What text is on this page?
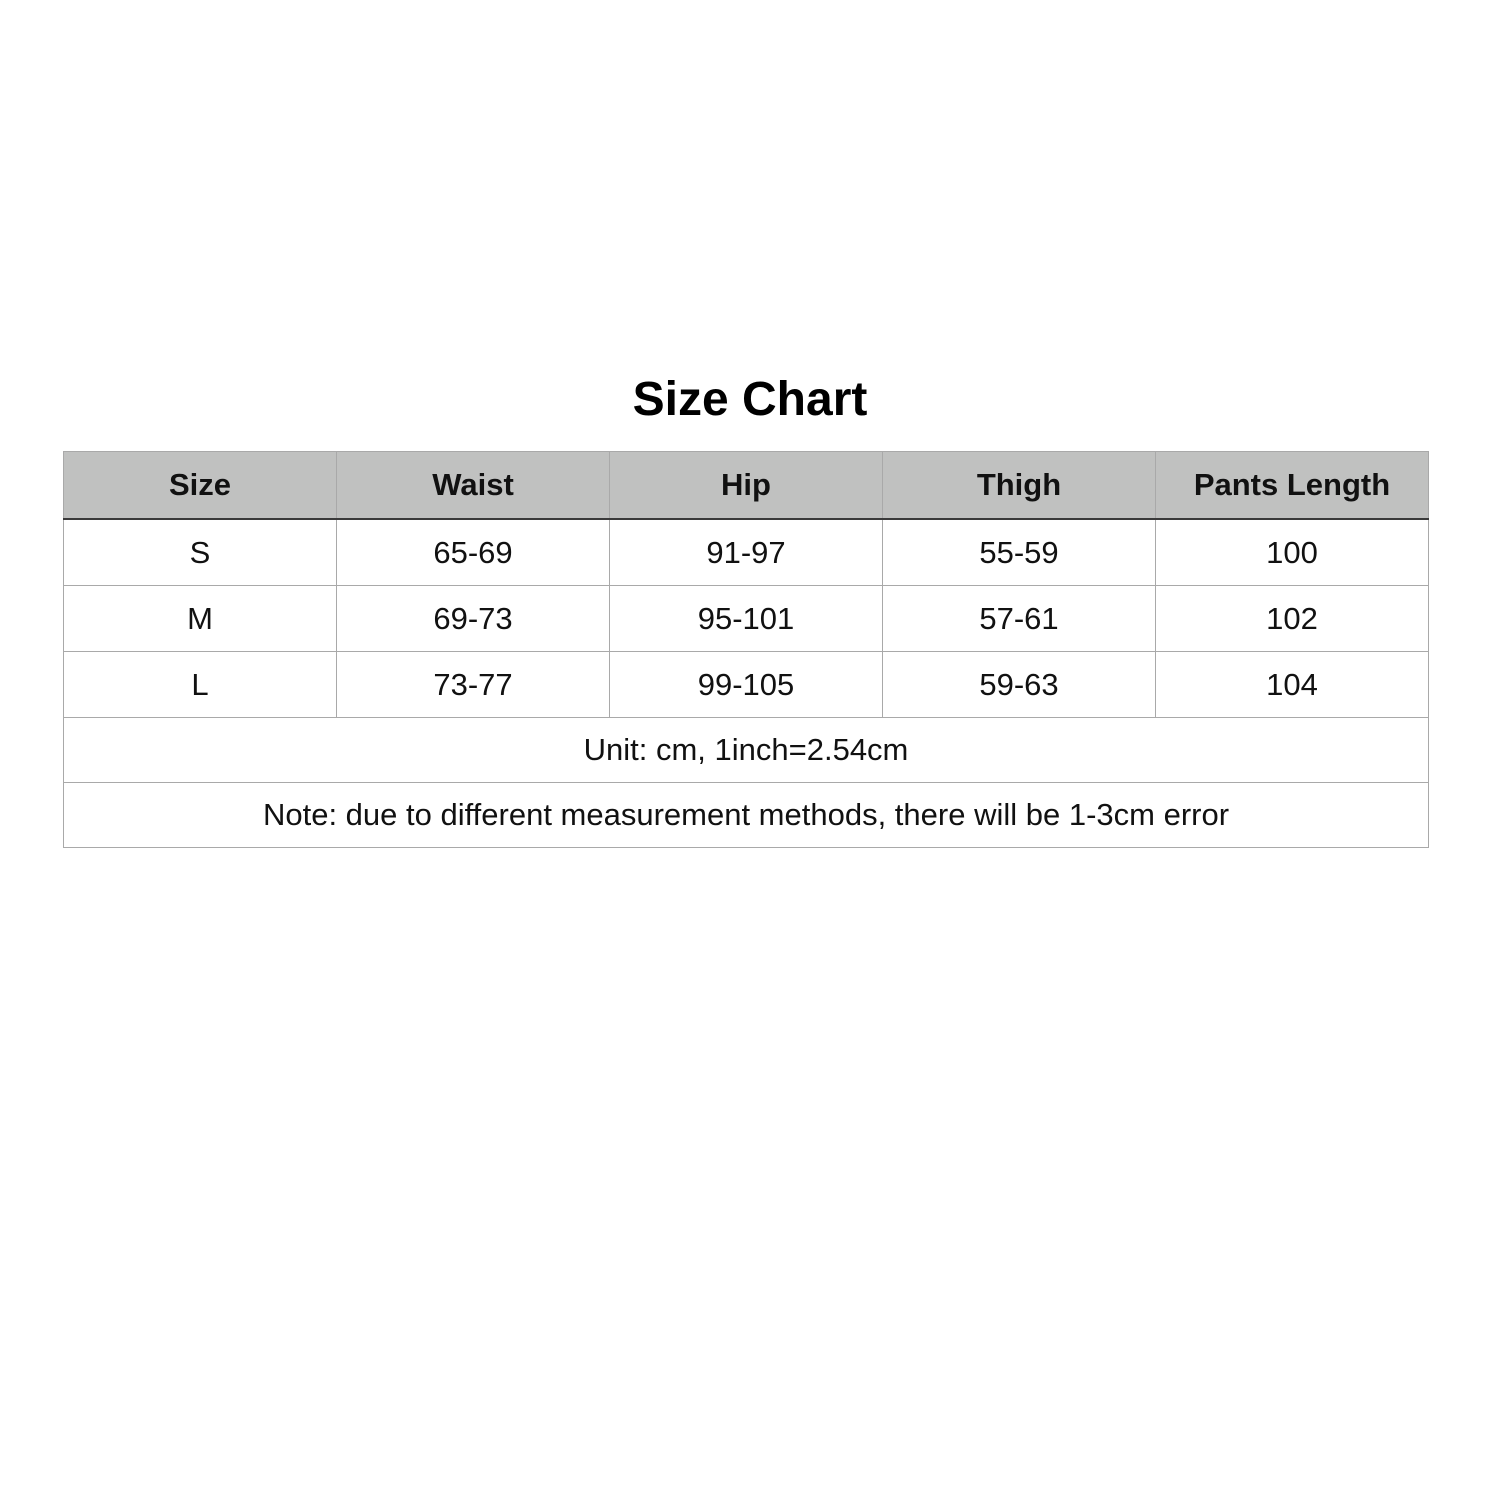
Size Chart
Size	Waist	Hip	Thigh	Pants Length
S	65-69	91-97	55-59	100
M	69-73	95-101	57-61	102
L	73-77	99-105	59-63	104
Unit: cm, 1inch=2.54cm				
Note: due to different measurement methods, there will be 1-3cm error				
